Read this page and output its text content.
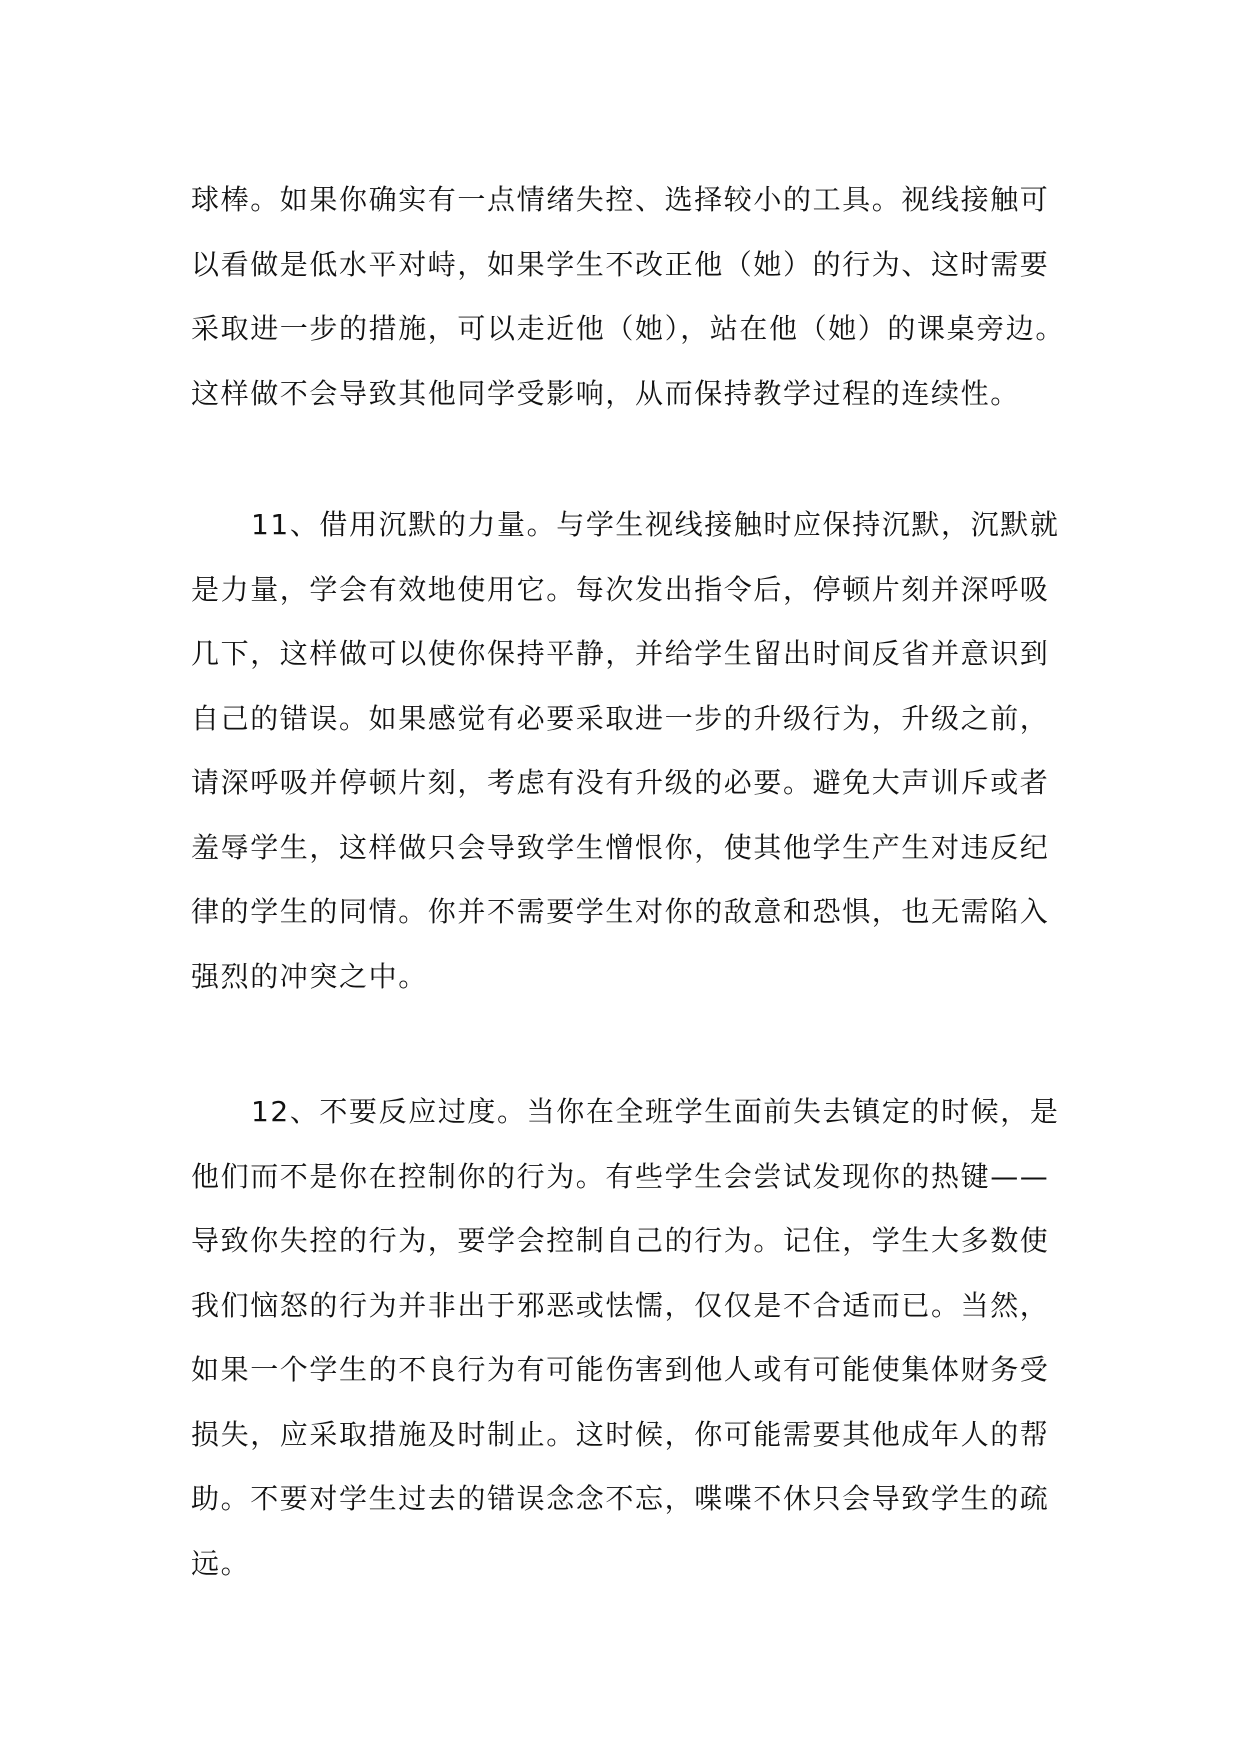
球棒。如果你确实有一点情绪失控、选择较小的工具。视线接触可
以看做是低水平对峙，如果学生不改正他（她）的行为、这时需要
采取进一步的措施，可以走近他（她），站在他（她）的课桌旁边。
这样做不会导致其他同学受影响，从而保持教学过程的连续性。
11、借用沉默的力量。与学生视线接触时应保持沉默，沉默就
是力量，学会有效地使用它。每次发出指令后，停顿片刻并深呼吸
几下，这样做可以使你保持平静，并给学生留出时间反省并意识到
自己的错误。如果感觉有必要采取进一步的升级行为，升级之前，
请深呼吸并停顿片刻，考虑有没有升级的必要。避免大声训斥或者
羞辱学生，这样做只会导致学生憎恨你，使其他学生产生对违反纪
律的学生的同情。你并不需要学生对你的敌意和恐惧，也无需陷入
强烈的冲突之中。
12、不要反应过度。当你在全班学生面前失去镇定的时候，是
他们而不是你在控制你的行为。有些学生会尝试发现你的热键——
导致你失控的行为，要学会控制自己的行为。记住，学生大多数使
我们恼怒的行为并非出于邪恶或怯懦，仅仅是不合适而已。当然，
如果一个学生的不良行为有可能伤害到他人或有可能使集体财务受
损失，应采取措施及时制止。这时候，你可能需要其他成年人的帮
助。不要对学生过去的错误念念不忘，喋喋不休只会导致学生的疏
远。
